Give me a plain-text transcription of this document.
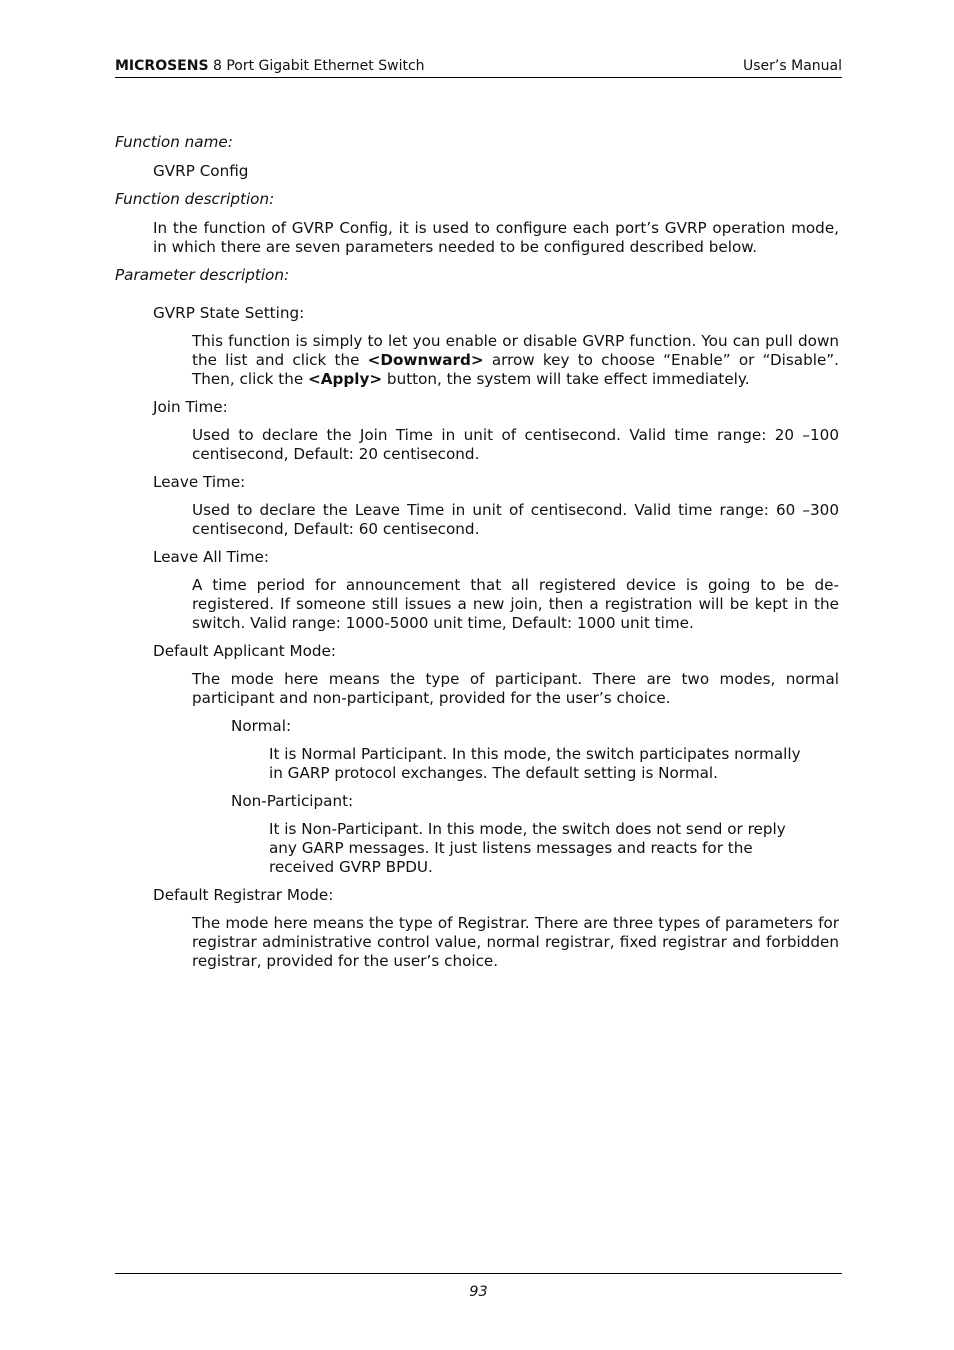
MICROSENS 8 Port Gigabit Ethernet Switch	User’s Manual

Function name:

GVRP Config

Function description:

In the function of GVRP Config, it is used to configure each port’s GVRP operation mode, in which there are seven parameters needed to be configured described below.

Parameter description:

GVRP State Setting:

This function is simply to let you enable or disable GVRP function. You can pull down the list and click the <Downward> arrow key to choose “Enable” or “Disable”. Then, click the <Apply> button, the system will take effect immediately.

Join Time:

Used to declare the Join Time in unit of centisecond. Valid time range: 20 –100 centisecond, Default: 20 centisecond.

Leave Time:

Used to declare the Leave Time in unit of centisecond. Valid time range: 60 –300 centisecond, Default: 60 centisecond.

Leave All Time:

A time period for announcement that all registered device is going to be de-registered. If someone still issues a new join, then a registration will be kept in the switch. Valid range: 1000-5000 unit time, Default: 1000 unit time.

Default Applicant Mode:

The mode here means the type of participant. There are two modes, normal participant and non-participant, provided for the user’s choice.

Normal:

It is Normal Participant. In this mode, the switch participates normally in GARP protocol exchanges. The default setting is Normal.

Non-Participant:

It is Non-Participant. In this mode, the switch does not send or reply any GARP messages. It just listens messages and reacts for the received GVRP BPDU.

Default Registrar Mode:

The mode here means the type of Registrar. There are three types of parameters for registrar administrative control value, normal registrar, fixed registrar and forbidden registrar, provided for the user’s choice.

93
